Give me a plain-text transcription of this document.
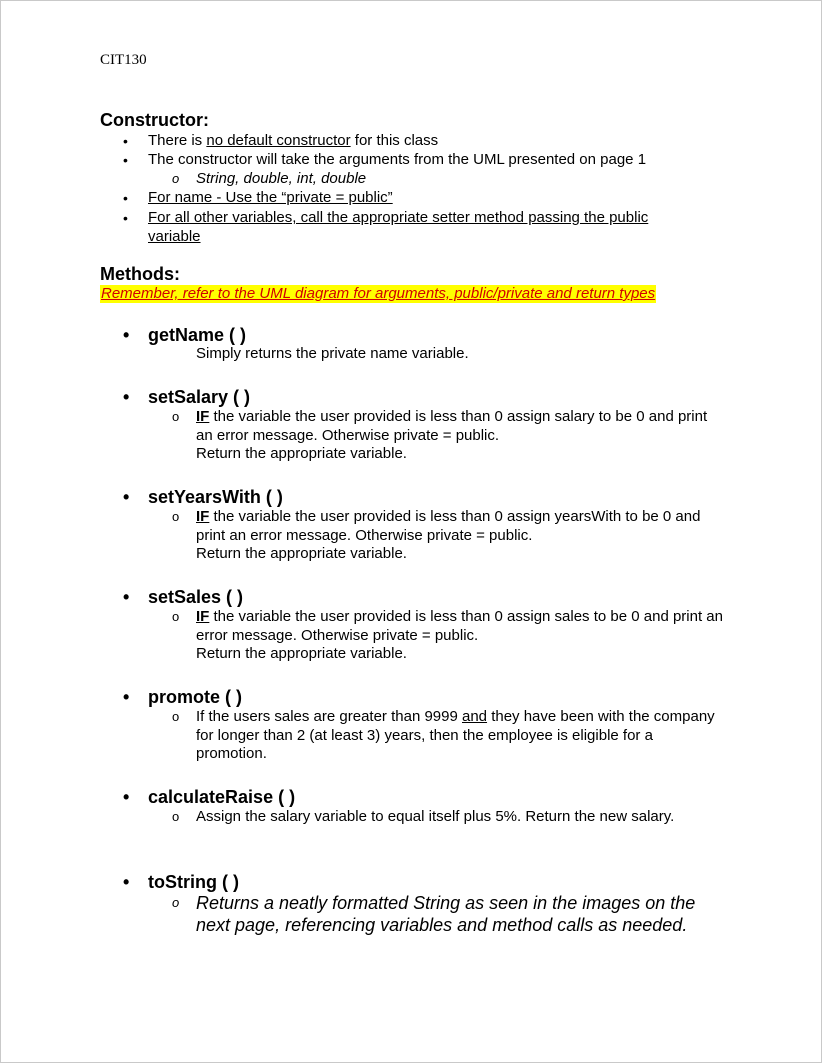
CIT130
Constructor:
• There is no default constructor for this class
• The constructor will take the arguments from the UML presented on page 1
o String, double, int, double
• For name - Use the “private = public”
• For all other variables, call the appropriate setter method passing the public variable
Methods:
Remember, refer to the UML diagram for arguments, public/private and return types
• getName ( )
Simply returns the private name variable.
• setSalary ( )
o IF the variable the user provided is less than 0 assign salary to be 0 and print an error message. Otherwise private = public.
Return the appropriate variable.
• setYearsWith ( )
o IF the variable the user provided is less than 0 assign yearsWith to be 0 and print an error message. Otherwise private = public.
Return the appropriate variable.
• setSales ( )
o IF the variable the user provided is less than 0 assign sales to be 0 and print an error message. Otherwise private = public.
Return the appropriate variable.
• promote ( )
o If the users sales are greater than 9999 and they have been with the company for longer than 2 (at least 3) years, then the employee is eligible for a promotion.
• calculateRaise ( )
o Assign the salary variable to equal itself plus 5%. Return the new salary.
• toString ( )
o Returns a neatly formatted String as seen in the images on the next page, referencing variables and method calls as needed.
